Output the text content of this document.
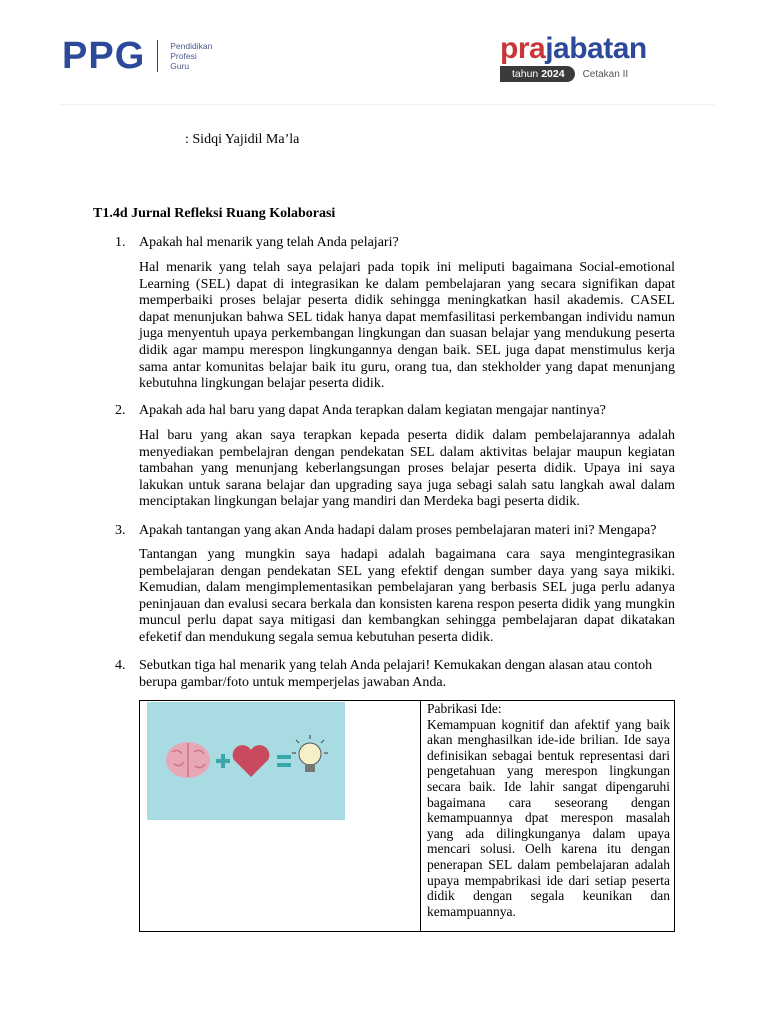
PPG	Pendidikan
Profesi
Guru
prajabatan
tahun 2024	Cetakan II
: Sidqi Yajidil Ma’la
T1.4d Jurnal Refleksi Ruang Kolaborasi
1. Apakah hal menarik yang telah Anda pelajari?
Hal menarik yang telah saya pelajari pada topik ini meliputi bagaimana Social-emotional Learning (SEL) dapat di integrasikan ke dalam pembelajaran yang secara signifikan dapat memperbaiki proses belajar peserta didik sehingga meningkatkan hasil akademis. CASEL dapat menunjukan bahwa SEL tidak hanya dapat memfasilitasi perkembangan individu namun juga menyentuh upaya perkembangan lingkungan dan suasan belajar yang mendukung peserta didik agar mampu merespon lingkungannya dengan baik. SEL juga dapat menstimulus kerja sama antar komunitas belajar baik itu guru, orang tua, dan stekholder yang dapat menunjang kebutuhna lingkungan belajar peserta didik.
2. Apakah ada hal baru yang dapat Anda terapkan dalam kegiatan mengajar nantinya?
Hal baru yang akan saya terapkan kepada peserta didik dalam pembelajarannya adalah menyediakan pembelajran dengan pendekatan SEL dalam aktivitas belajar maupun kegiatan tambahan yang menunjang keberlangsungan proses belajar peserta didik. Upaya ini saya lakukan untuk sarana belajar dan upgrading saya juga sebagi salah satu langkah awal dalam menciptakan lingkungan belajar yang mandiri dan Merdeka bagi peserta didik.
3. Apakah tantangan yang akan Anda hadapi dalam proses pembelajaran materi ini? Mengapa?
Tantangan yang mungkin saya hadapi adalah bagaimana cara saya mengintegrasikan pembelajaran dengan pendekatan SEL yang efektif dengan sumber daya yang saya mikiki. Kemudian, dalam mengimplementasikan pembelajaran yang berbasis SEL juga perlu adanya peninjauan dan evalusi secara berkala dan konsisten karena respon peserta didik yang mungkin muncul perlu dapat saya mitigasi dan kembangkan sehingga pembelajaran dapat dikatakan efeketif dan mendukung segala semua kebutuhan peserta didik.
4. Sebutkan tiga hal menarik yang telah Anda pelajari! Kemukakan dengan alasan atau contoh berupa gambar/foto untuk memperjelas jawaban Anda.
Pabrikasi Ide:
Kemampuan kognitif dan afektif yang baik akan menghasilkan ide-ide brilian. Ide saya definisikan sebagai bentuk representasi dari pengetahuan yang merespon lingkungan secara baik. Ide lahir sangat dipengaruhi bagaimana cara seseorang dengan kemampuannya dpat merespon masalah yang ada dilingkunganya dalam upaya mencari solusi. Oelh karena itu dengan penerapan SEL dalam pembelajaran adalah upaya mempabrikasi ide dari setiap peserta didik dengan segala keunikan dan kemampuannya.
